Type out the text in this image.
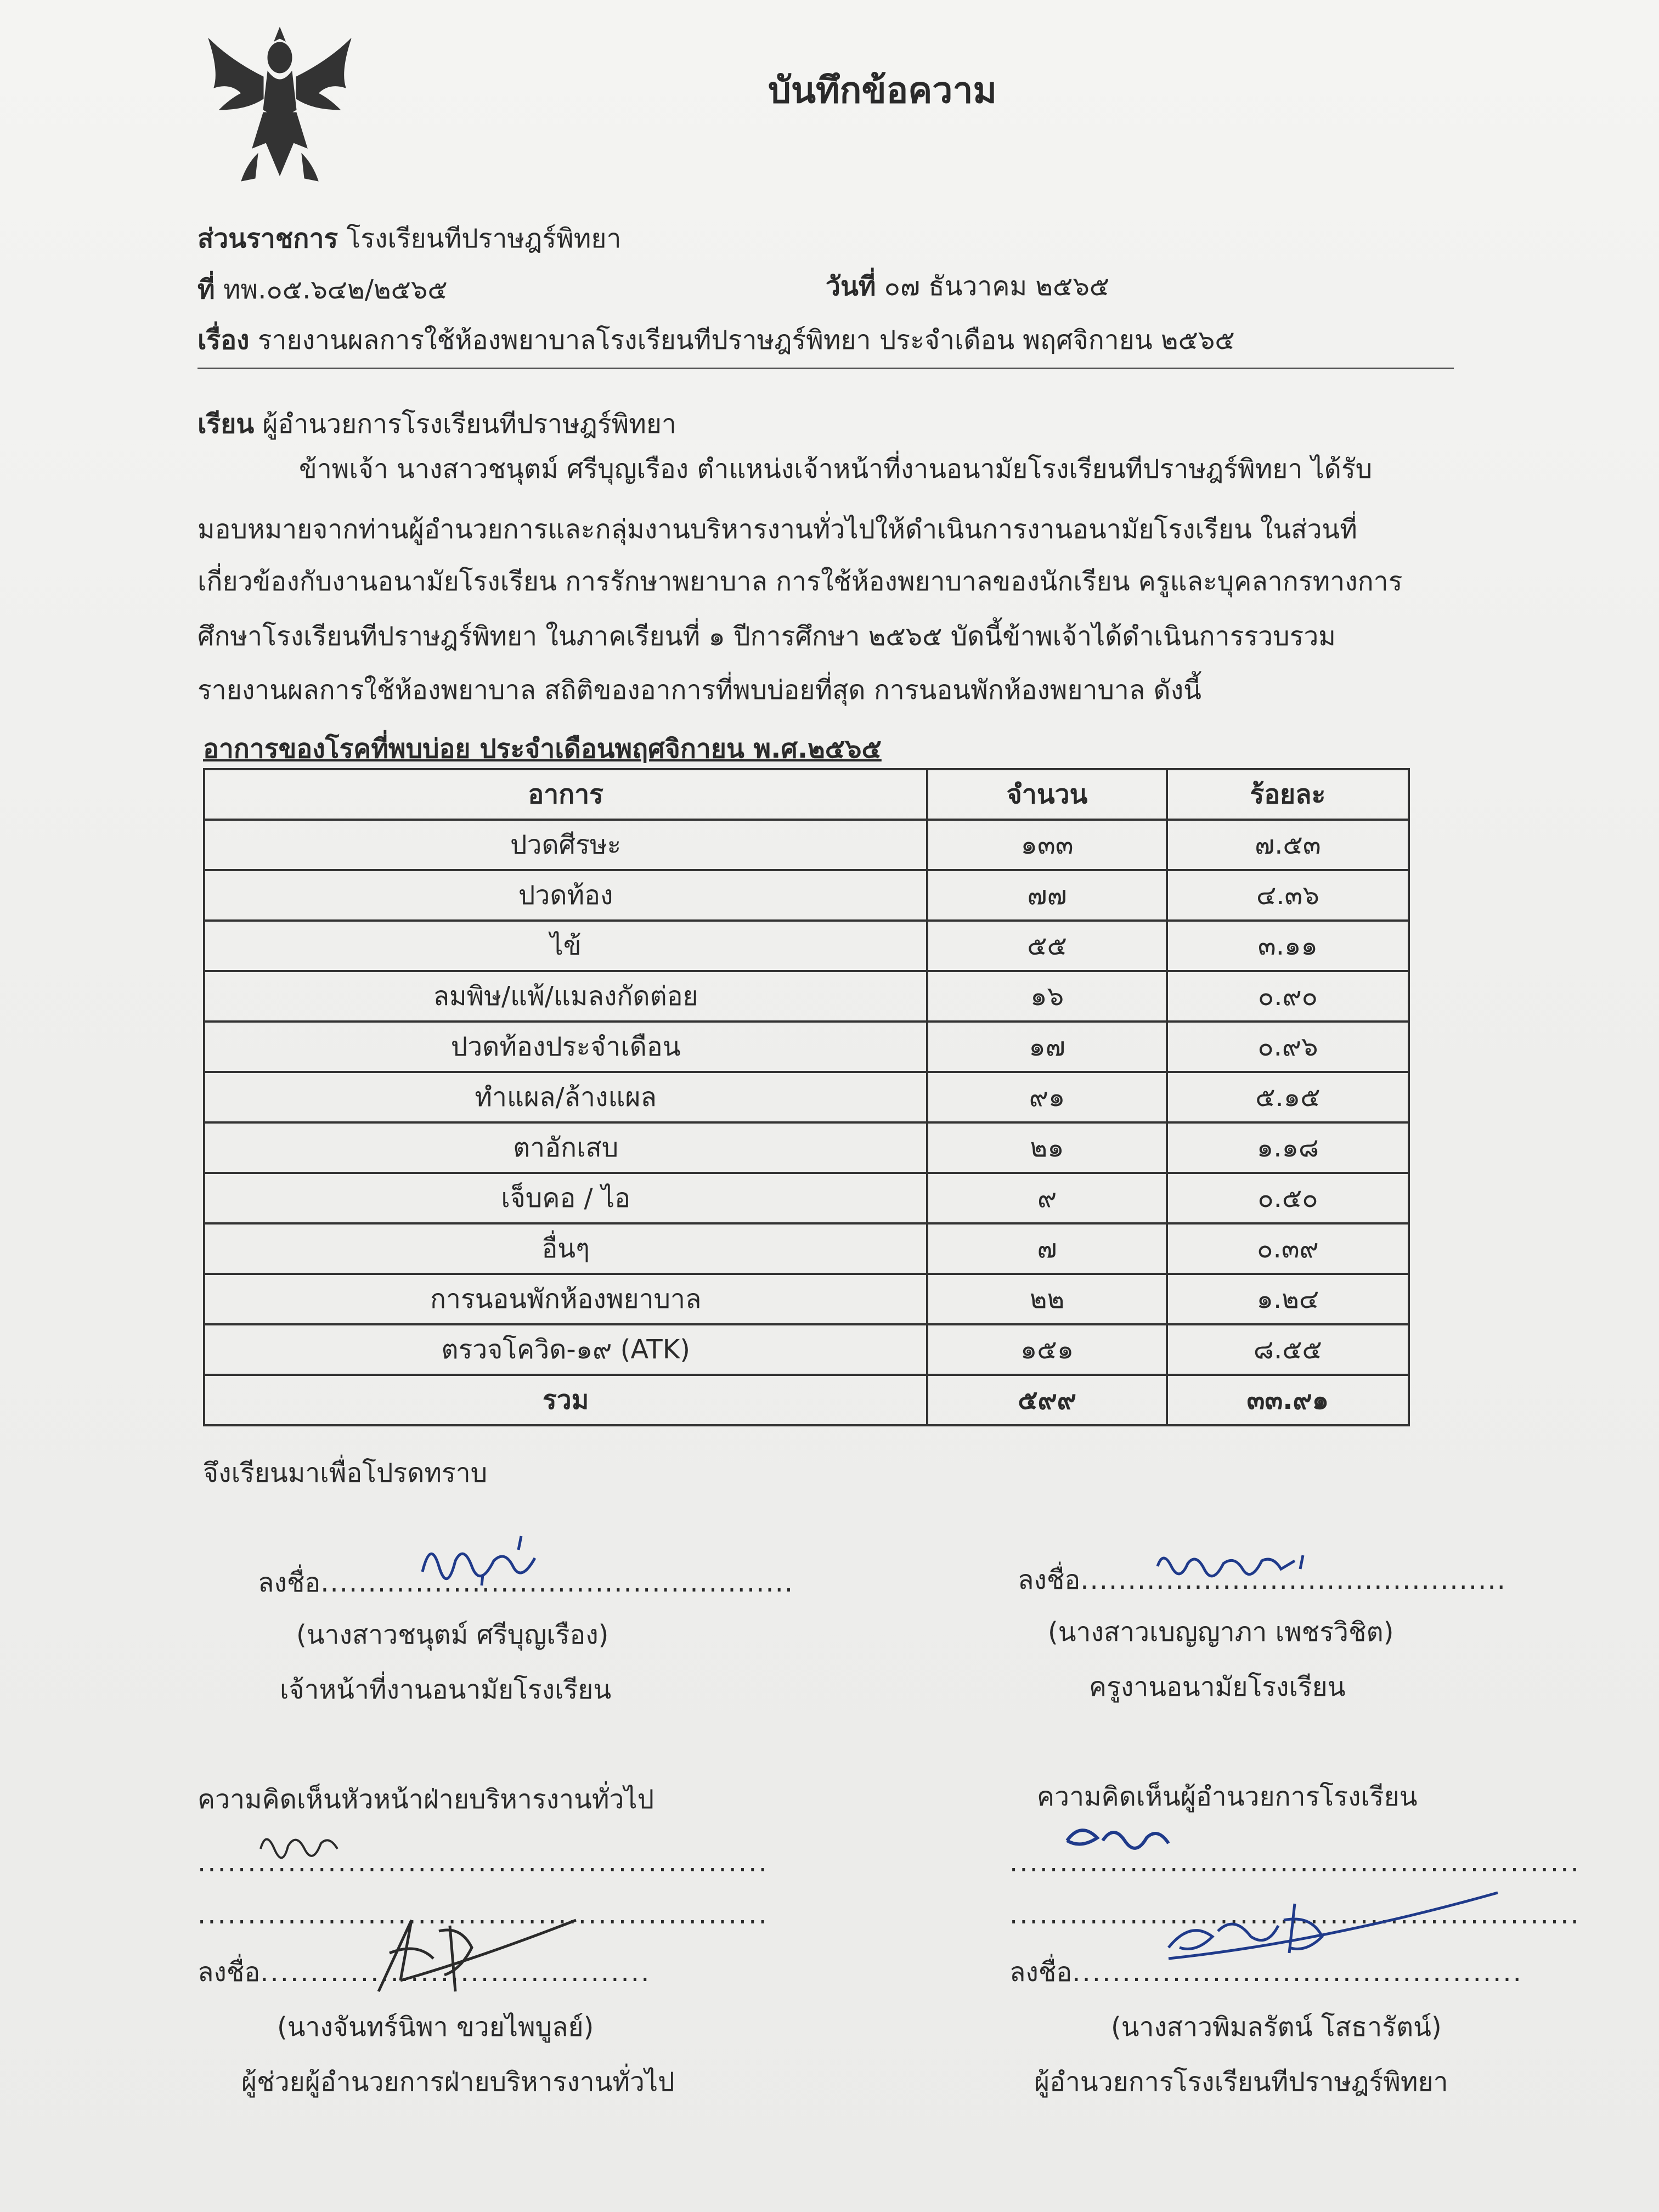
บันทึกข้อความ
ส่วนราชการ โรงเรียนทีปราษฎร์พิทยา
ที่ ทพ.๐๕.๖๔๒/๒๕๖๕	วันที่ ๐๗ ธันวาคม ๒๕๖๕
เรื่อง รายงานผลการใช้ห้องพยาบาลโรงเรียนทีปราษฎร์พิทยา ประจำเดือน พฤศจิกายน ๒๕๖๕
เรียน ผู้อำนวยการโรงเรียนทีปราษฎร์พิทยา
ข้าพเจ้า นางสาวชนุตม์ ศรีบุญเรือง ตำแหน่งเจ้าหน้าที่งานอนามัยโรงเรียนทีปราษฎร์พิทยา ได้รับ
มอบหมายจากท่านผู้อำนวยการและกลุ่มงานบริหารงานทั่วไปให้ดำเนินการงานอนามัยโรงเรียน ในส่วนที่
เกี่ยวข้องกับงานอนามัยโรงเรียน การรักษาพยาบาล การใช้ห้องพยาบาลของนักเรียน ครูและบุคลากรทางการ
ศึกษาโรงเรียนทีปราษฎร์พิทยา ในภาคเรียนที่ ๑ ปีการศึกษา ๒๕๖๕ บัดนี้ข้าพเจ้าได้ดำเนินการรวบรวม
รายงานผลการใช้ห้องพยาบาล สถิติของอาการที่พบบ่อยที่สุด การนอนพักห้องพยาบาล ดังนี้
อาการของโรคที่พบบ่อย ประจำเดือนพฤศจิกายน พ.ศ.๒๕๖๕
อาการ	จำนวน	ร้อยละ
ปวดศีรษะ	๑๓๓	๗.๕๓
ปวดท้อง	๗๗	๔.๓๖
ไข้	๕๕	๓.๑๑
ลมพิษ/แพ้/แมลงกัดต่อย	๑๖	๐.๙๐
ปวดท้องประจำเดือน	๑๗	๐.๙๖
ทำแผล/ล้างแผล	๙๑	๕.๑๕
ตาอักเสบ	๒๑	๑.๑๘
เจ็บคอ / ไอ	๙	๐.๕๐
อื่นๆ	๗	๐.๓๙
การนอนพักห้องพยาบาล	๒๒	๑.๒๔
ตรวจโควิด-๑๙ (ATK)	๑๕๑	๘.๕๕
รวม	๕๙๙	๓๓.๙๑
จึงเรียนมาเพื่อโปรดทราบ
ลงชื่อ..................................................
(นางสาวชนุตม์ ศรีบุญเรือง)
เจ้าหน้าที่งานอนามัยโรงเรียน
ลงชื่อ.............................................
(นางสาวเบญญาภา เพชรวิชิต)
ครูงานอนามัยโรงเรียน
ความคิดเห็นหัวหน้าฝ่ายบริหารงานทั่วไป
.........................................................
.........................................................
ลงชื่อ.......................................
(นางจันทร์นิพา ขวยไพบูลย์)
ผู้ช่วยผู้อำนวยการฝ่ายบริหารงานทั่วไป
ความคิดเห็นผู้อำนวยการโรงเรียน
.........................................................
.........................................................
ลงชื่อ.............................................
(นางสาวพิมลรัตน์ โสธารัตน์)
ผู้อำนวยการโรงเรียนทีปราษฎร์พิทยา
